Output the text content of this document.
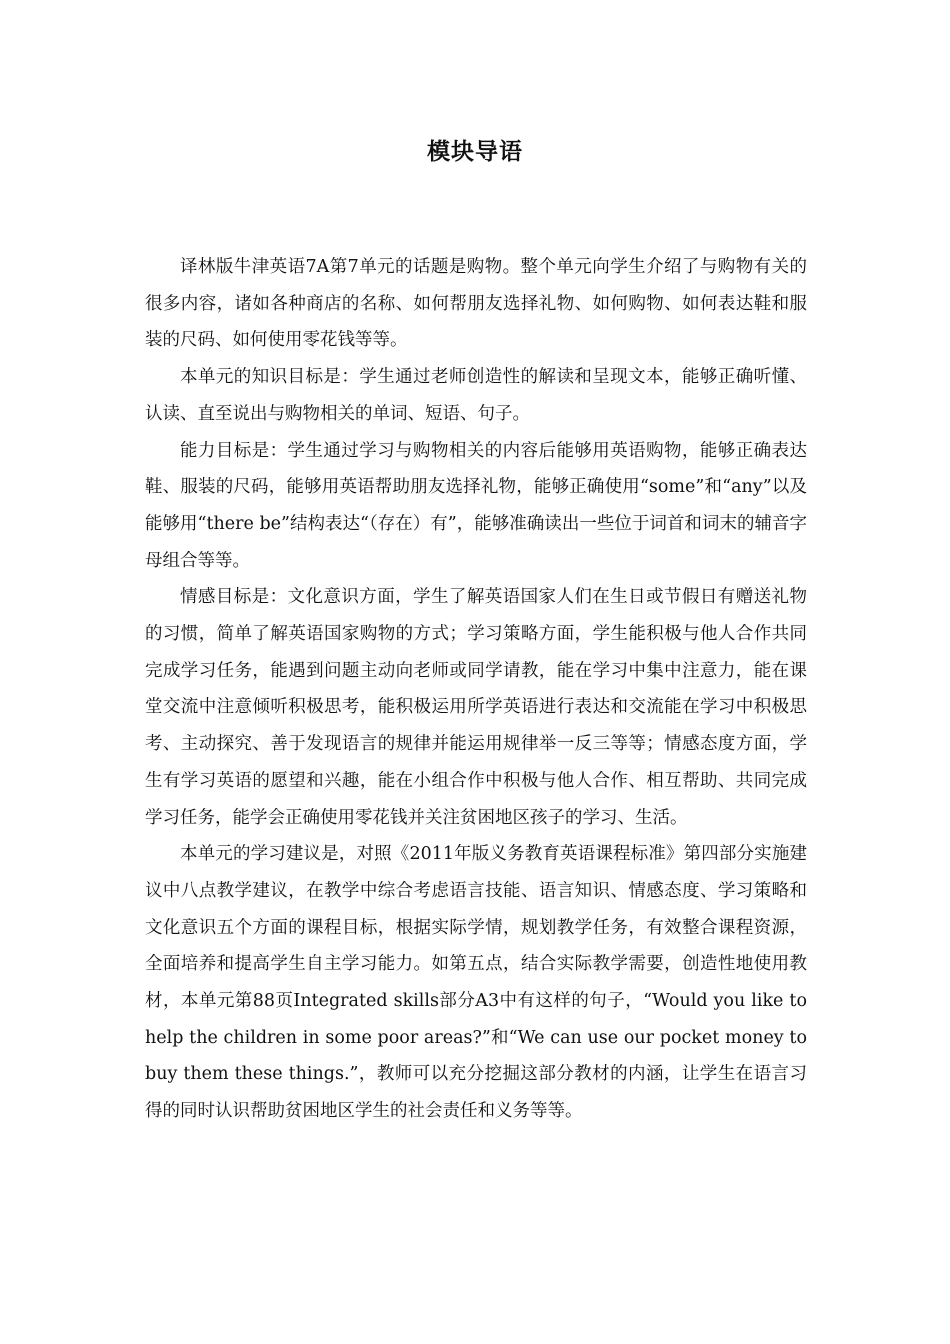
模块导语

译林版牛津英语7A第7单元的话题是购物。整个单元向学生介绍了与购物有关的很多内容，诸如各种商店的名称、如何帮朋友选择礼物、如何购物、如何表达鞋和服装的尺码、如何使用零花钱等等。

本单元的知识目标是：学生通过老师创造性的解读和呈现文本，能够正确听懂、认读、直至说出与购物相关的单词、短语、句子。

能力目标是：学生通过学习与购物相关的内容后能够用英语购物，能够正确表达鞋、服装的尺码，能够用英语帮助朋友选择礼物，能够正确使用“some”和“any”以及能够用“there be”结构表达“（存在）有”，能够准确读出一些位于词首和词末的辅音字母组合等等。

情感目标是：文化意识方面，学生了解英语国家人们在生日或节假日有赠送礼物的习惯，简单了解英语国家购物的方式；学习策略方面，学生能积极与他人合作共同完成学习任务，能遇到问题主动向老师或同学请教，能在学习中集中注意力，能在课堂交流中注意倾听积极思考，能积极运用所学英语进行表达和交流能在学习中积极思考、主动探究、善于发现语言的规律并能运用规律举一反三等等；情感态度方面，学生有学习英语的愿望和兴趣，能在小组合作中积极与他人合作、相互帮助、共同完成学习任务，能学会正确使用零花钱并关注贫困地区孩子的学习、生活。

本单元的学习建议是，对照《2011年版义务教育英语课程标准》第四部分实施建议中八点教学建议，在教学中综合考虑语言技能、语言知识、情感态度、学习策略和文化意识五个方面的课程目标，根据实际学情，规划教学任务，有效整合课程资源，全面培养和提高学生自主学习能力。如第五点，结合实际教学需要，创造性地使用教材，本单元第88页Integrated skills部分A3中有这样的句子，“Would you like to help the children in some poor areas?”和“We can use our pocket money to buy them these things.”，教师可以充分挖掘这部分教材的内涵，让学生在语言习得的同时认识帮助贫困地区学生的社会责任和义务等等。
